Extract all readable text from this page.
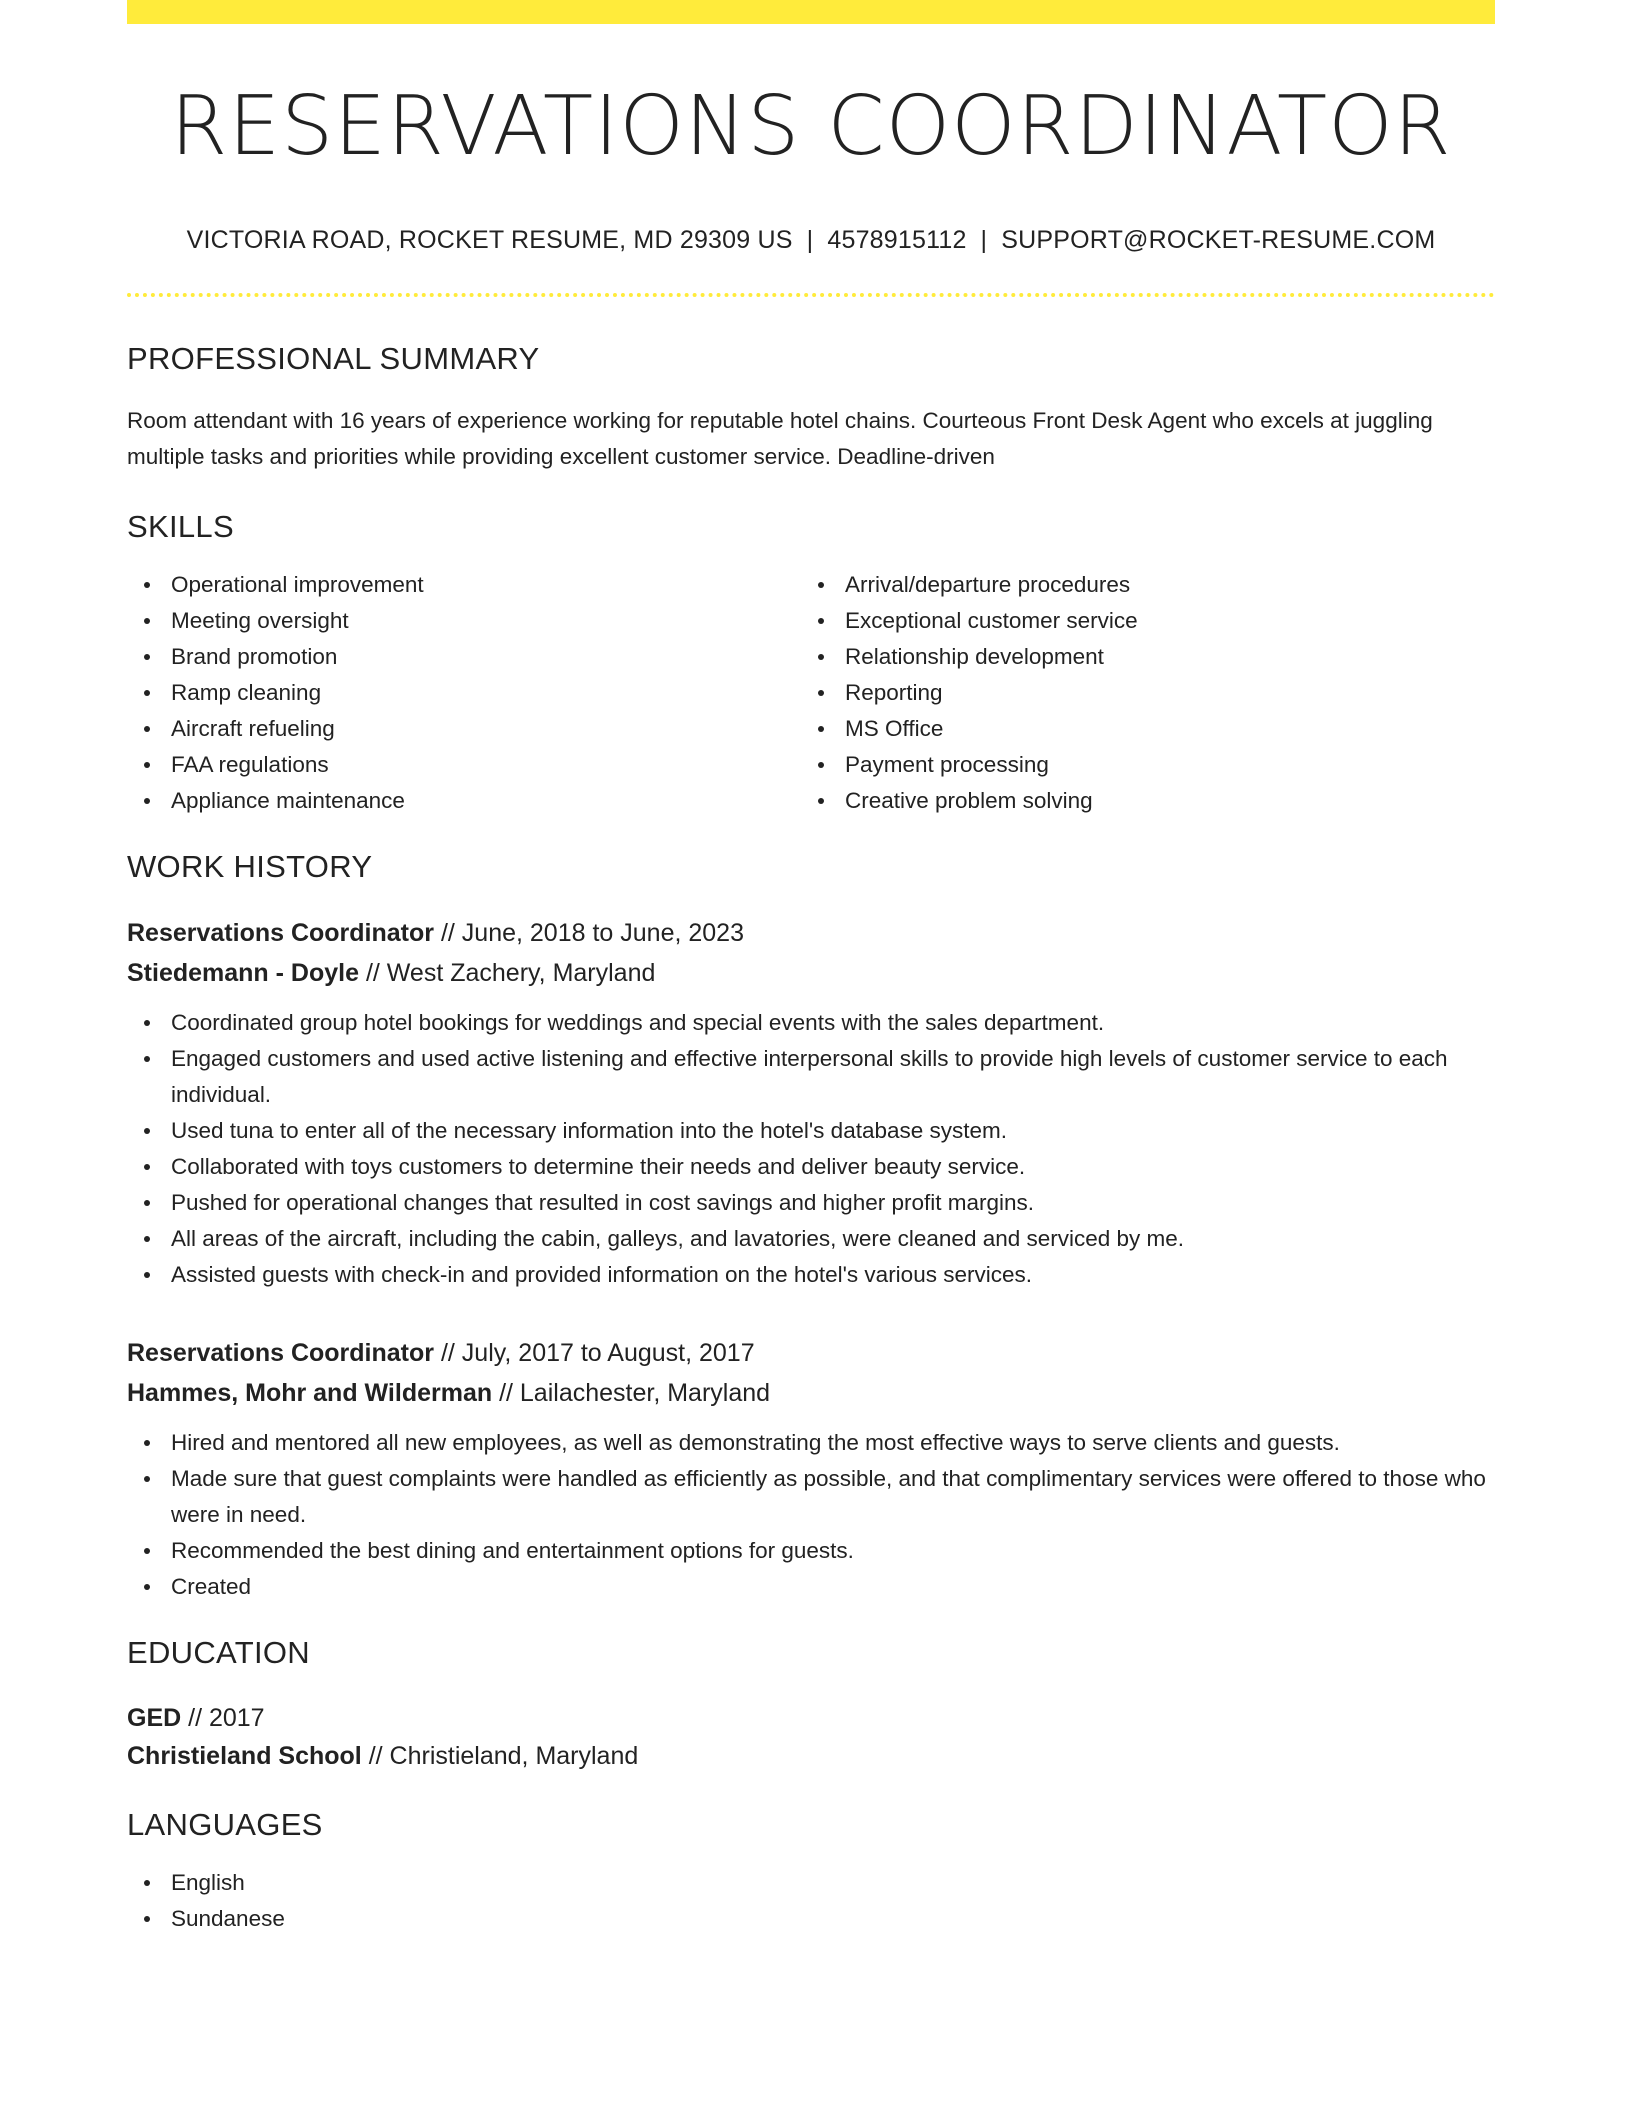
RESERVATIONS COORDINATOR
VICTORIA ROAD, ROCKET RESUME, MD 29309 US | 4578915112 | SUPPORT@ROCKET-RESUME.COM
PROFESSIONAL SUMMARY
Room attendant with 16 years of experience working for reputable hotel chains. Courteous Front Desk Agent who excels at juggling multiple tasks and priorities while providing excellent customer service. Deadline-driven
SKILLS
Operational improvement
Meeting oversight
Brand promotion
Ramp cleaning
Aircraft refueling
FAA regulations
Appliance maintenance
Arrival/departure procedures
Exceptional customer service
Relationship development
Reporting
MS Office
Payment processing
Creative problem solving
WORK HISTORY
Reservations Coordinator // June, 2018 to June, 2023
Stiedemann - Doyle // West Zachery, Maryland
Coordinated group hotel bookings for weddings and special events with the sales department.
Engaged customers and used active listening and effective interpersonal skills to provide high levels of customer service to each individual.
Used tuna to enter all of the necessary information into the hotel's database system.
Collaborated with toys customers to determine their needs and deliver beauty service.
Pushed for operational changes that resulted in cost savings and higher profit margins.
All areas of the aircraft, including the cabin, galleys, and lavatories, were cleaned and serviced by me.
Assisted guests with check-in and provided information on the hotel's various services.
Reservations Coordinator // July, 2017 to August, 2017
Hammes, Mohr and Wilderman // Lailachester, Maryland
Hired and mentored all new employees, as well as demonstrating the most effective ways to serve clients and guests.
Made sure that guest complaints were handled as efficiently as possible, and that complimentary services were offered to those who were in need.
Recommended the best dining and entertainment options for guests.
Created
EDUCATION
GED // 2017
Christieland School // Christieland, Maryland
LANGUAGES
English
Sundanese
